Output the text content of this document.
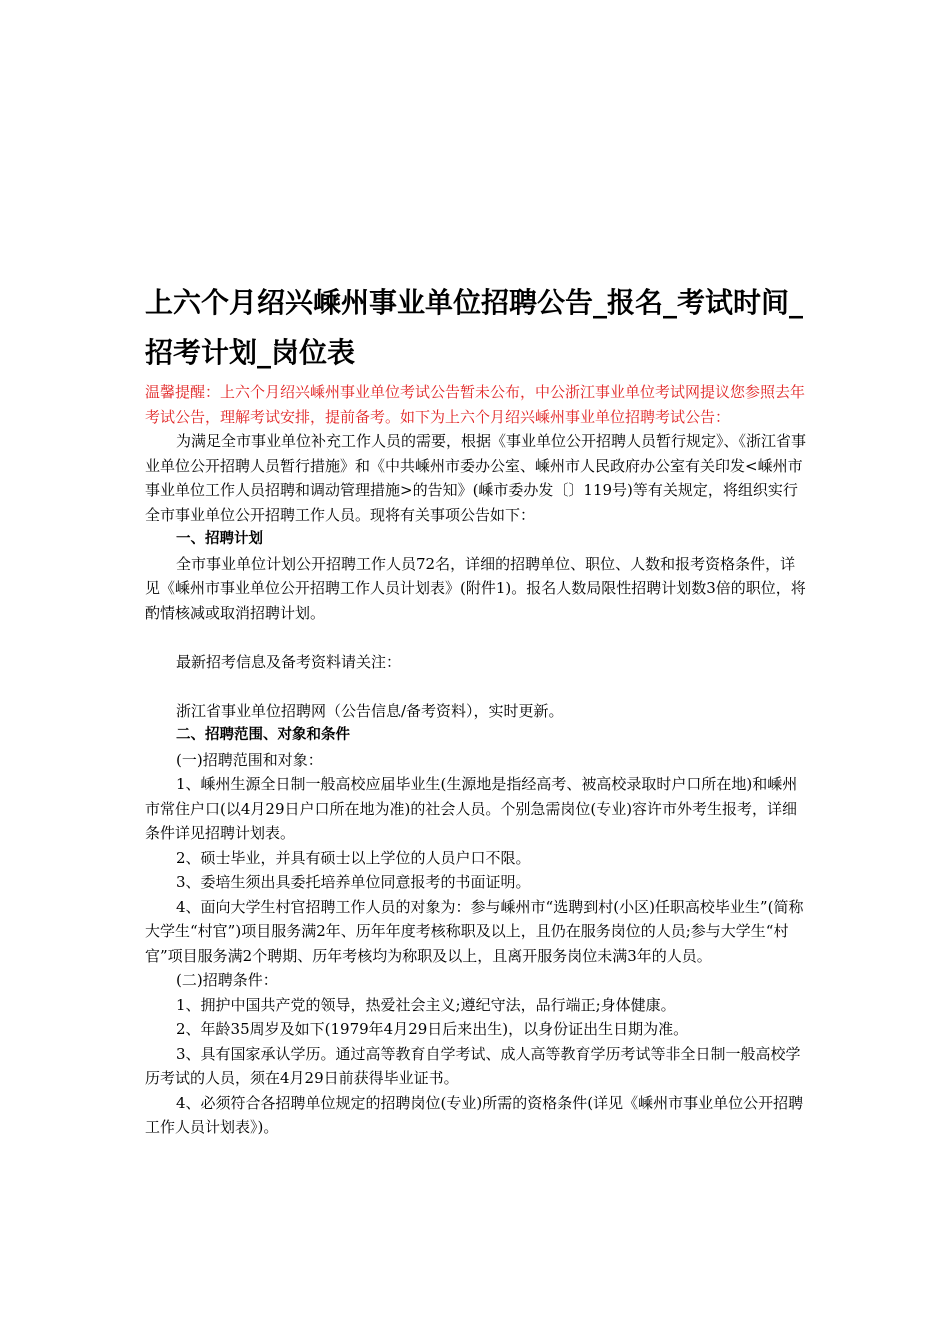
上六个月绍兴嵊州事业单位招聘公告_报名_考试时间_招考计划_岗位表

温馨提醒：上六个月绍兴嵊州事业单位考试公告暂未公布，中公浙江事业单位考试网提议您参照去年考试公告，理解考试安排，提前备考。如下为上六个月绍兴嵊州事业单位招聘考试公告：

为满足全市事业单位补充工作人员的需要，根据《事业单位公开招聘人员暂行规定》、《浙江省事业单位公开招聘人员暂行措施》和《中共嵊州市委办公室、嵊州市人民政府办公室有关印发<嵊州市事业单位工作人员招聘和调动管理措施>的告知》(嵊市委办发〔〕119号)等有关规定，将组织实行全市事业单位公开招聘工作人员。现将有关事项公告如下：

一、招聘计划

全市事业单位计划公开招聘工作人员72名，详细的招聘单位、职位、人数和报考资格条件，详见《嵊州市事业单位公开招聘工作人员计划表》(附件1)。报名人数局限性招聘计划数3倍的职位，将酌情核减或取消招聘计划。

最新招考信息及备考资料请关注：

浙江省事业单位招聘网（公告信息/备考资料），实时更新。

二、招聘范围、对象和条件

(一)招聘范围和对象：

1、嵊州生源全日制一般高校应届毕业生(生源地是指经高考、被高校录取时户口所在地)和嵊州市常住户口(以4月29日户口所在地为准)的社会人员。个别急需岗位(专业)容许市外考生报考，详细条件详见招聘计划表。

2、硕士毕业，并具有硕士以上学位的人员户口不限。

3、委培生须出具委托培养单位同意报考的书面证明。

4、面向大学生村官招聘工作人员的对象为：参与嵊州市“选聘到村(小区)任职高校毕业生”(简称大学生“村官”)项目服务满2年、历年年度考核称职及以上，且仍在服务岗位的人员;参与大学生“村官”项目服务满2个聘期、历年考核均为称职及以上，且离开服务岗位未满3年的人员。

(二)招聘条件：

1、拥护中国共产党的领导，热爱社会主义;遵纪守法，品行端正;身体健康。

2、年龄35周岁及如下(1979年4月29日后来出生)，以身份证出生日期为准。

3、具有国家承认学历。通过高等教育自学考试、成人高等教育学历考试等非全日制一般高校学历考试的人员，须在4月29日前获得毕业证书。

4、必须符合各招聘单位规定的招聘岗位(专业)所需的资格条件(详见《嵊州市事业单位公开招聘工作人员计划表》)。
